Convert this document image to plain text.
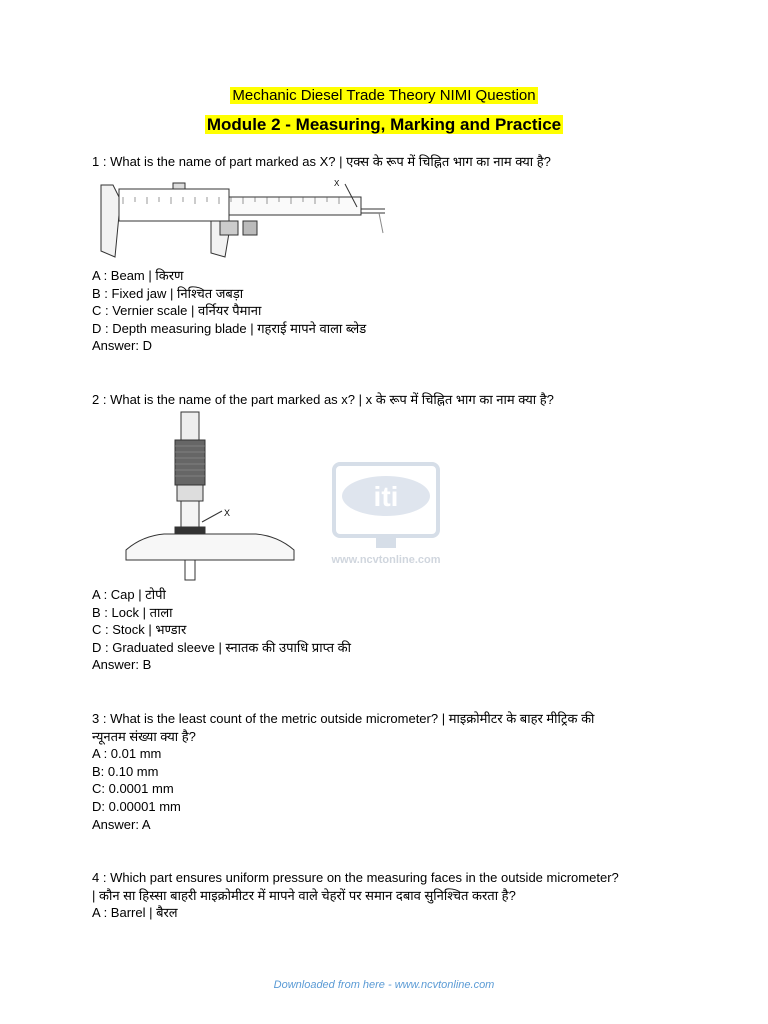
Mechanic Diesel Trade Theory NIMI Question
Module 2 - Measuring, Marking and Practice
1 : What is the name of part marked as X? | एक्स के रूप में चिह्नित भाग का नाम क्या है?
X
A : Beam | किरण
B : Fixed jaw | निश्चित जबड़ा
C : Vernier scale | वर्नियर पैमाना
D : Depth measuring blade | गहराई मापने वाला ब्लेड
Answer: D
2 : What is the name of the part marked as x? | x के रूप में चिह्नित भाग का नाम क्या है?
X
iti
www.ncvtonline.com
A : Cap | टोपी
B : Lock | ताला
C : Stock | भण्डार
D : Graduated sleeve | स्नातक की उपाधि प्राप्त की
Answer: B
3 : What is the least count of the metric outside micrometer? | माइक्रोमीटर के बाहर मीट्रिक की
न्यूनतम संख्या क्या है?
A : 0.01 mm
B: 0.10 mm
C: 0.0001 mm
D: 0.00001 mm
Answer: A
4 : Which part ensures uniform pressure on the measuring faces in the outside micrometer?
| कौन सा हिस्सा बाहरी माइक्रोमीटर में मापने वाले चेहरों पर समान दबाव सुनिश्चित करता है?
A : Barrel | बैरल
Downloaded from here - www.ncvtonline.com
